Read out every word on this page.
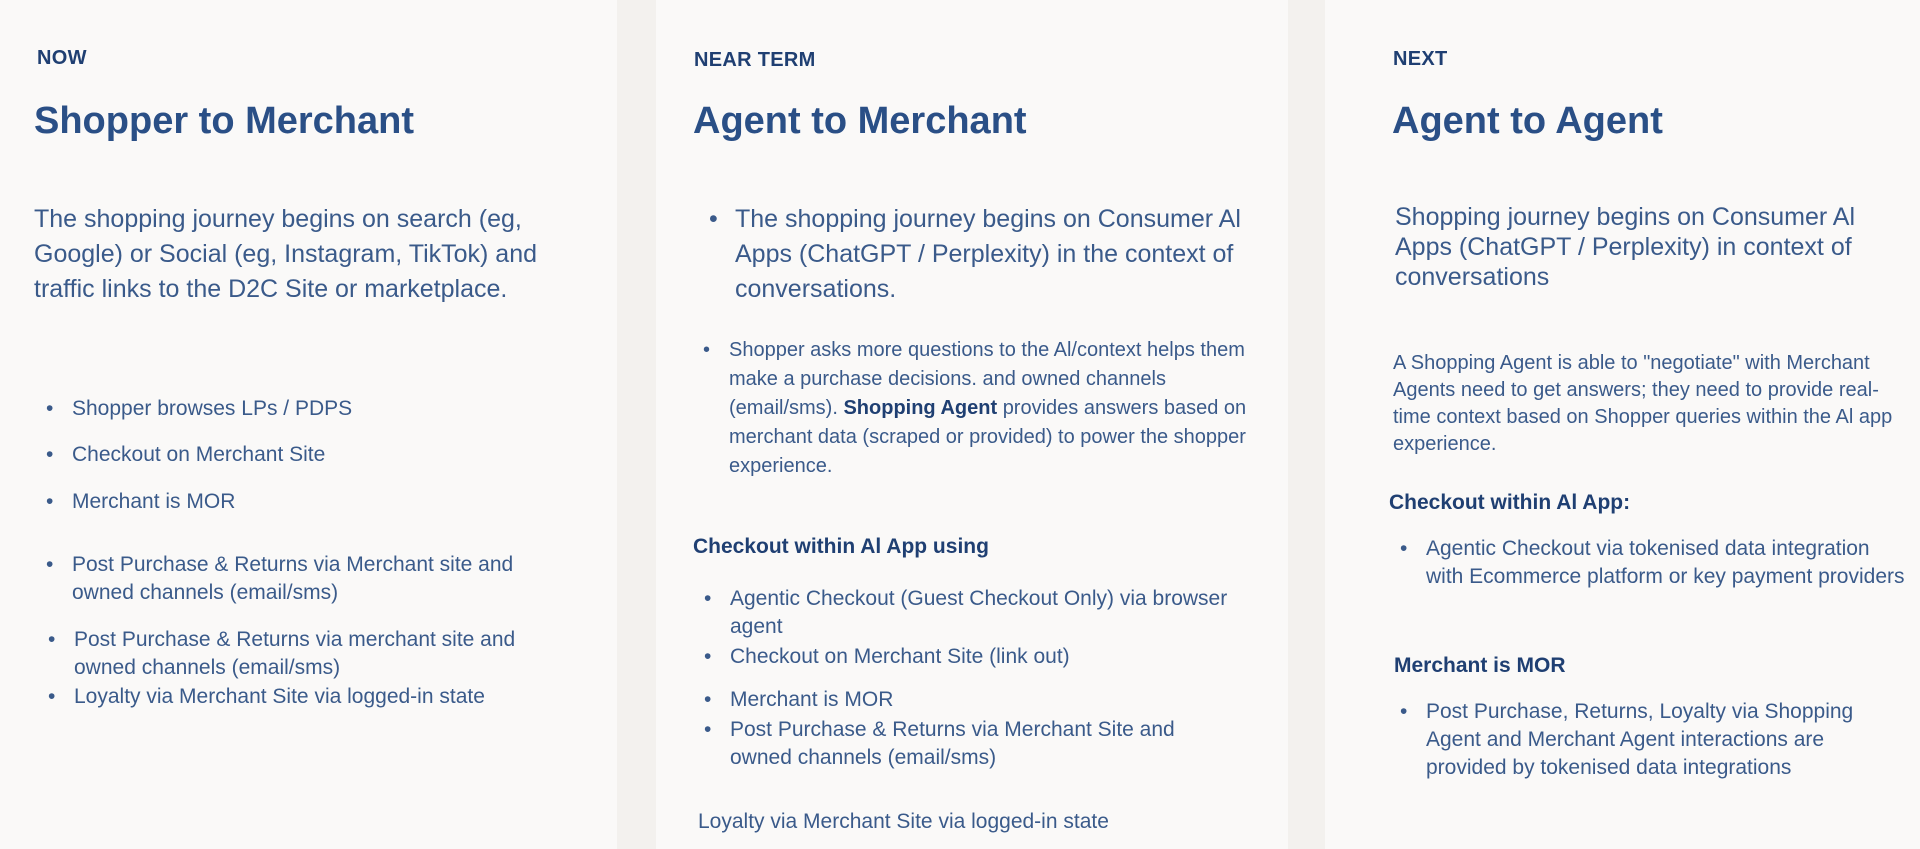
NOW
Shopper to Merchant
The shopping journey begins on search (eg, Google) or Social (eg, Instagram, TikTok) and traffic links to the D2C Site or marketplace.
• Shopper browses LPs / PDPS
• Checkout on Merchant Site
• Merchant is MOR
• Post Purchase & Returns via Merchant site and owned channels (email/sms)
• Post Purchase & Returns via merchant site and owned channels (email/sms)
• Loyalty via Merchant Site via logged-in state
NEAR TERM
Agent to Merchant
• The shopping journey begins on Consumer Al Apps (ChatGPT / Perplexity) in the context of conversations.
• Shopper asks more questions to the Al/context helps them make a purchase decisions. and owned channels (email/sms). Shopping Agent provides answers based on merchant data (scraped or provided) to power the shopper experience.
Checkout within Al App using
• Agentic Checkout (Guest Checkout Only) via browser agent
• Checkout on Merchant Site (link out)
• Merchant is MOR
• Post Purchase & Returns via Merchant Site and owned channels (email/sms)
Loyalty via Merchant Site via logged-in state
NEXT
Agent to Agent
Shopping journey begins on Consumer Al Apps (ChatGPT / Perplexity) in context of conversations
A Shopping Agent is able to "negotiate" with Merchant Agents need to get answers; they need to provide real-time context based on Shopper queries within the Al app experience.
Checkout within Al App:
• Agentic Checkout via tokenised data integration with Ecommerce platform or key payment providers
Merchant is MOR
• Post Purchase, Returns, Loyalty via Shopping Agent and Merchant Agent interactions are provided by tokenised data integrations
